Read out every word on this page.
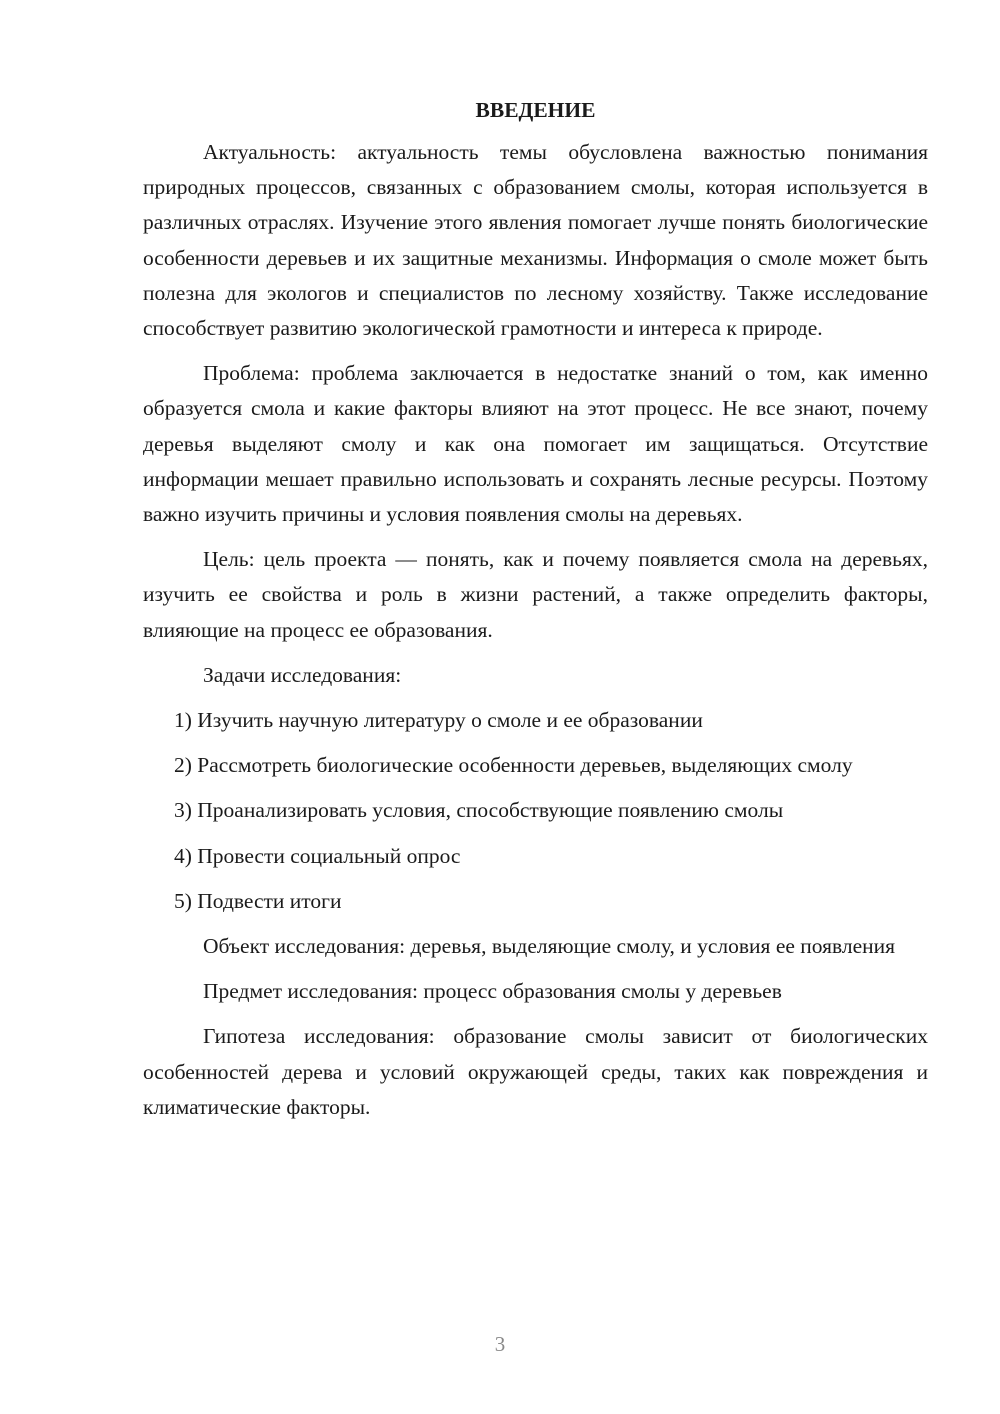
ВВЕДЕНИЕ

Актуальность: актуальность темы обусловлена важностью понимания природных процессов, связанных с образованием смолы, которая используется в различных отраслях. Изучение этого явления помогает лучше понять биологические особенности деревьев и их защитные механизмы. Информация о смоле может быть полезна для экологов и специалистов по лесному хозяйству. Также исследование способствует развитию экологической грамотности и интереса к природе.

Проблема: проблема заключается в недостатке знаний о том, как именно образуется смола и какие факторы влияют на этот процесс. Не все знают, почему деревья выделяют смолу и как она помогает им защищаться. Отсутствие информации мешает правильно использовать и сохранять лесные ресурсы. Поэтому важно изучить причины и условия появления смолы на деревьях.

Цель: цель проекта — понять, как и почему появляется смола на деревьях, изучить ее свойства и роль в жизни растений, а также определить факторы, влияющие на процесс ее образования.

Задачи исследования:

1) Изучить научную литературу о смоле и ее образовании

2) Рассмотреть биологические особенности деревьев, выделяющих смолу

3) Проанализировать условия, способствующие появлению смолы

4) Провести социальный опрос

5) Подвести итоги

Объект исследования: деревья, выделяющие смолу, и условия ее появления

Предмет исследования: процесс образования смолы у деревьев

Гипотеза исследования: образование смолы зависит от биологических особенностей дерева и условий окружающей среды, таких как повреждения и климатические факторы.

3
